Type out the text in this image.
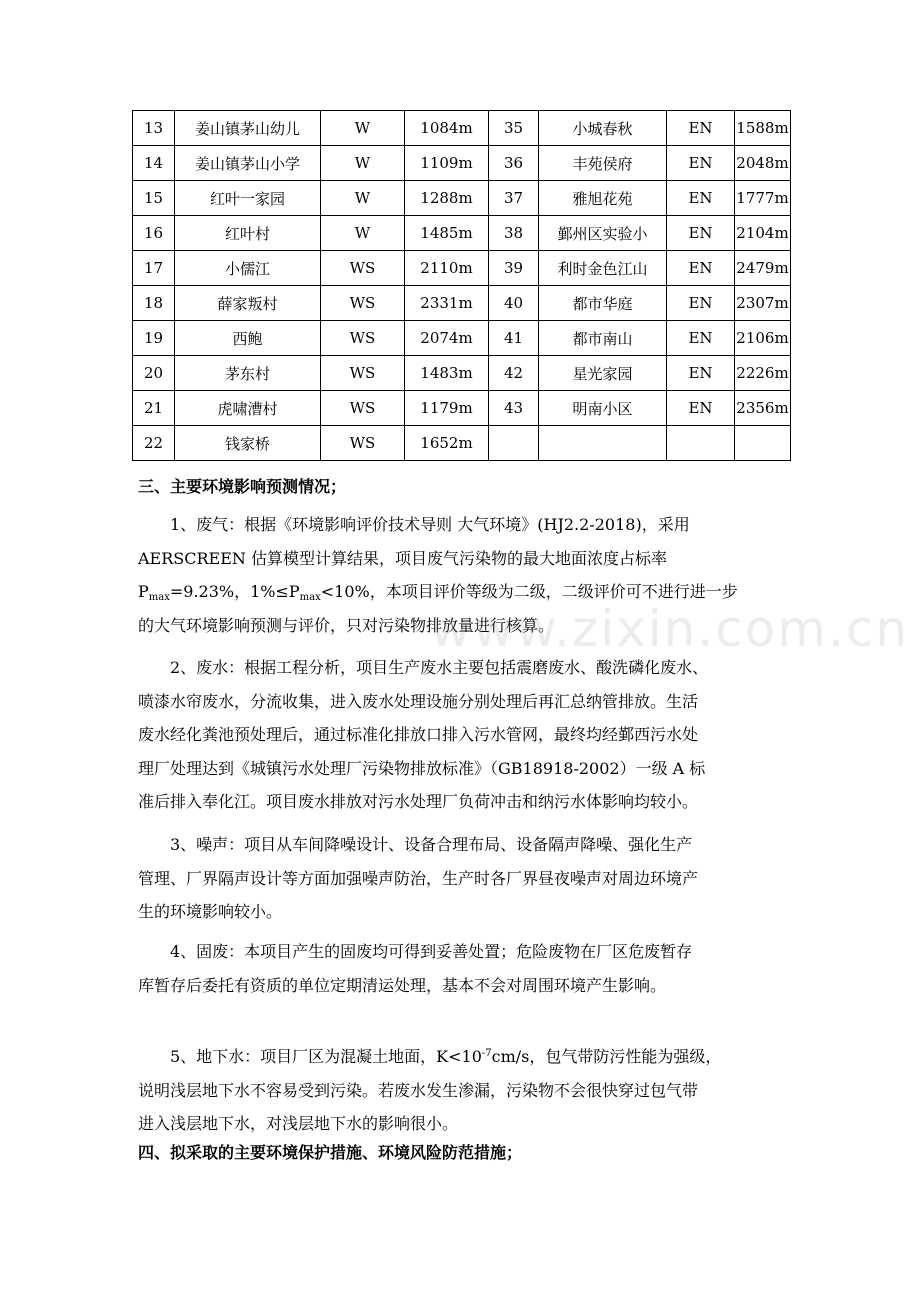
13	姜山镇茅山幼儿	W	1084m	35	小城春秋	EN	1588m
14	姜山镇茅山小学	W	1109m	36	丰苑侯府	EN	2048m
15	红叶一家园	W	1288m	37	雅旭花苑	EN	1777m
16	红叶村	W	1485m	38	鄞州区实验小	EN	2104m
17	小儒江	WS	2110m	39	利时金色江山	EN	2479m
18	薛家叛村	WS	2331m	40	都市华庭	EN	2307m
19	西鲍	WS	2074m	41	都市南山	EN	2106m
20	茅东村	WS	1483m	42	星光家园	EN	2226m
21	虎啸漕村	WS	1179m	43	明南小区	EN	2356m
22	钱家桥	WS	1652m				
三、主要环境影响预测情况；
1、废气：根据《环境影响评价技术导则 大气环境》(HJ2.2-2018)，采用
AERSCREEN 估算模型计算结果，项目废气污染物的最大地面浓度占标率
$P_{max}=9.23\%$，$1\%\le P_{max}<10\%$，本项目评价等级为二级，二级评价可不进行进一步
的大气环境影响预测与评价，只对污染物排放量进行核算。
2、废水：根据工程分析，项目生产废水主要包括震磨废水、酸洗磷化废水、
喷漆水帘废水，分流收集，进入废水处理设施分别处理后再汇总纳管排放。生活
废水经化粪池预处理后，通过标准化排放口排入污水管网，最终均经鄞西污水处
理厂处理达到《城镇污水处理厂污染物排放标准》（GB18918-2002）一级 A 标
准后排入奉化江。项目废水排放对污水处理厂负荷冲击和纳污水体影响均较小。
3、噪声：项目从车间降噪设计、设备合理布局、设备隔声降噪、强化生产
管理、厂界隔声设计等方面加强噪声防治，生产时各厂界昼夜噪声对周边环境产
生的环境影响较小。
4、固废：本项目产生的固废均可得到妥善处置；危险废物在厂区危废暂存
库暂存后委托有资质的单位定期清运处理，基本不会对周围环境产生影响。
5、地下水：项目厂区为混凝土地面，$K<10^{-7}cm/s$，包气带防污性能为强级，
说明浅层地下水不容易受到污染。若废水发生渗漏，污染物不会很快穿过包气带
进入浅层地下水，对浅层地下水的影响很小。
四、拟采取的主要环境保护措施、环境风险防范措施；
www.zixin.com.cn
